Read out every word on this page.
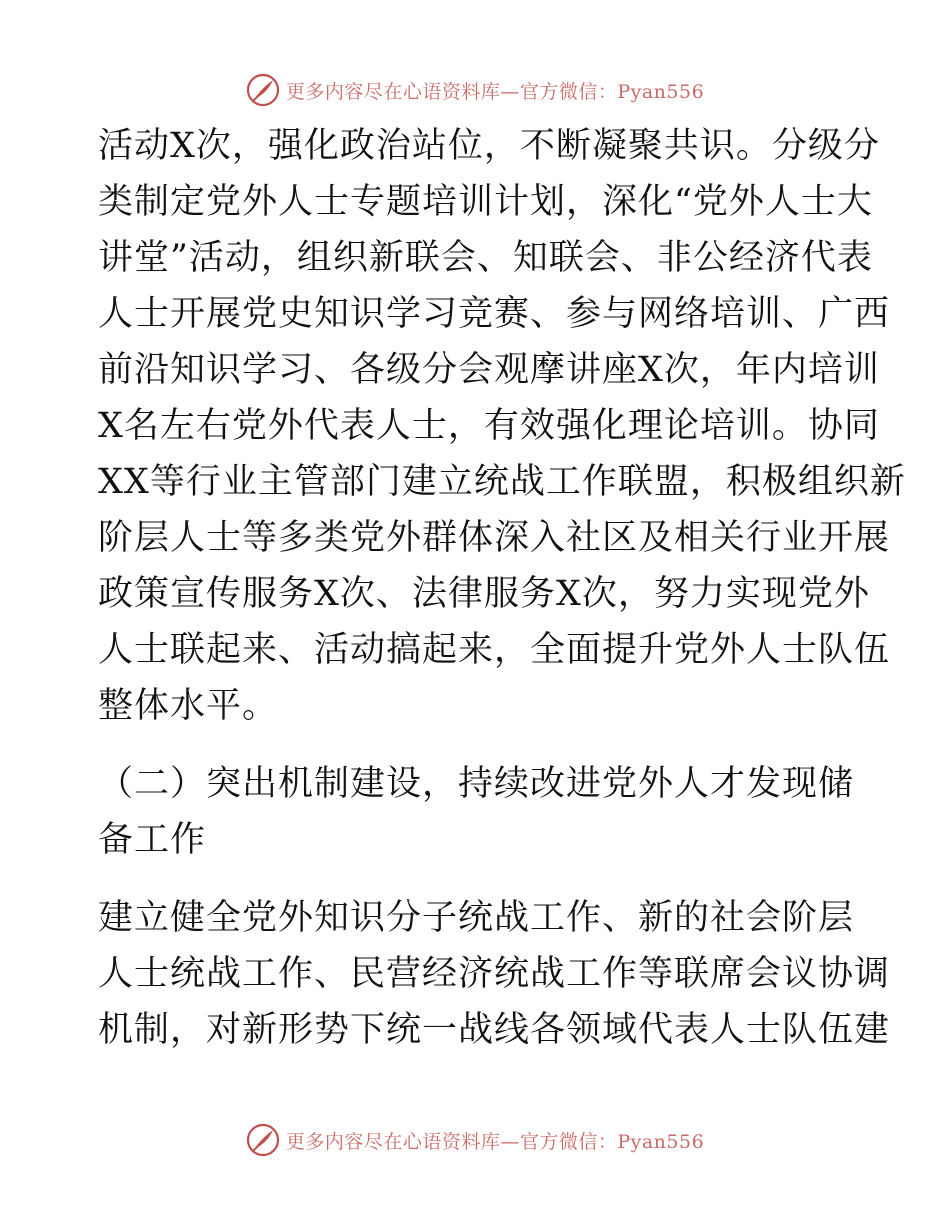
更多内容尽在心语资料库—官方微信：Pyan556
活动X次，强化政治站位，不断凝聚共识。分级分
类制定党外人士专题培训计划，深化“党外人士大
讲堂”活动，组织新联会、知联会、非公经济代表
人士开展党史知识学习竞赛、参与网络培训、广西
前沿知识学习、各级分会观摩讲座X次，年内培训
X名左右党外代表人士，有效强化理论培训。协同
XX等行业主管部门建立统战工作联盟，积极组织新
阶层人士等多类党外群体深入社区及相关行业开展
政策宣传服务X次、法律服务X次，努力实现党外
人士联起来、活动搞起来，全面提升党外人士队伍
整体水平。
（二）突出机制建设，持续改进党外人才发现储
备工作
建立健全党外知识分子统战工作、新的社会阶层
人士统战工作、民营经济统战工作等联席会议协调
机制，对新形势下统一战线各领域代表人士队伍建
更多内容尽在心语资料库—官方微信：Pyan556
